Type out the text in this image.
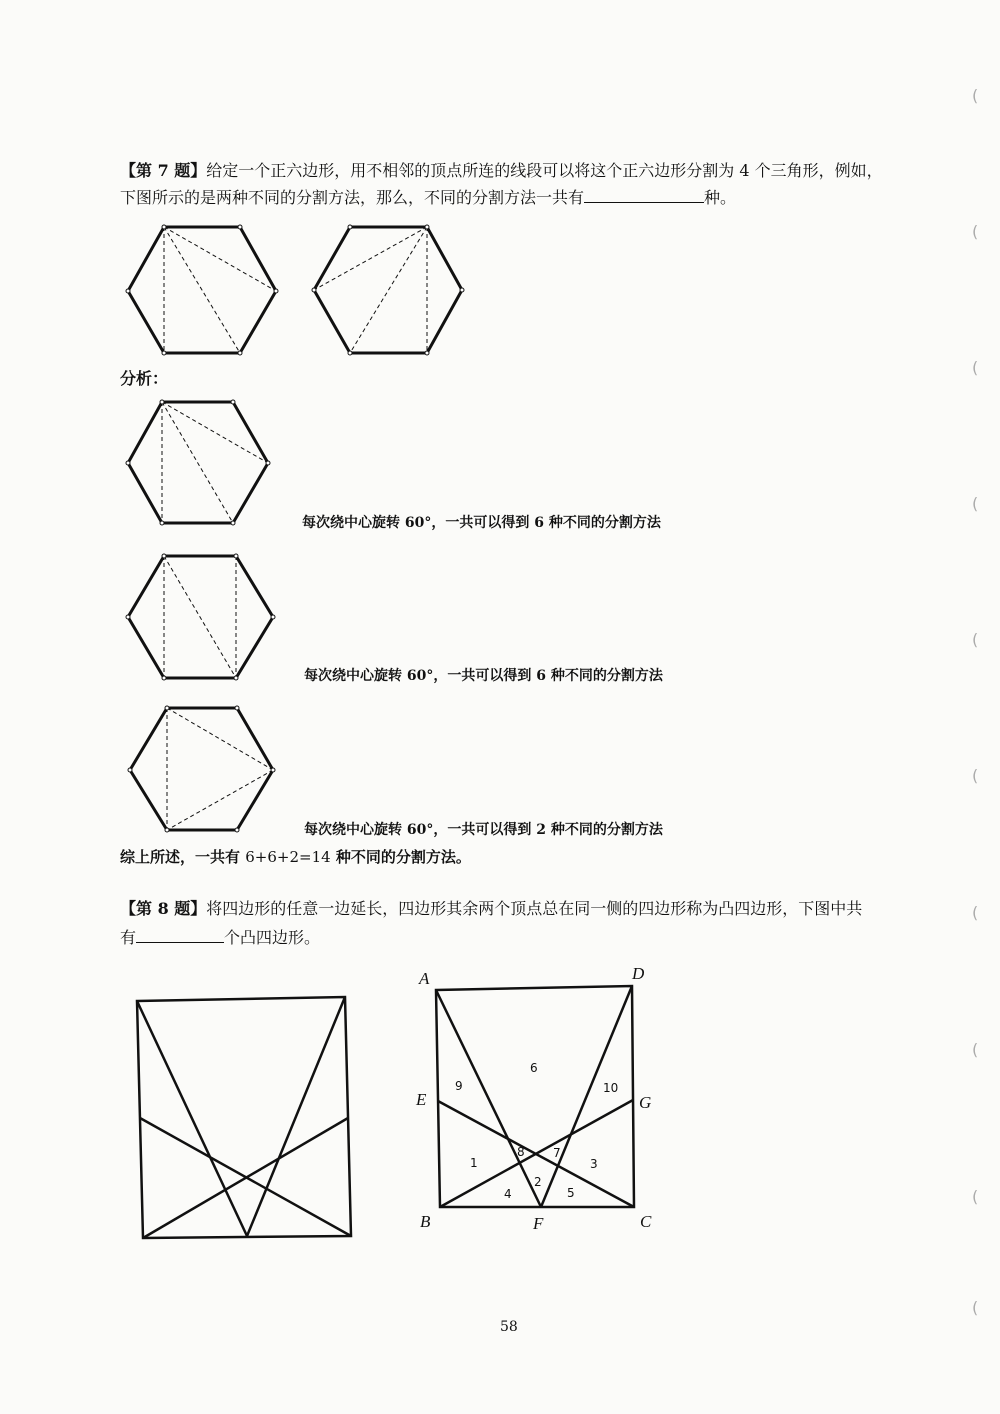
(
(
(
(
(
(
(
(
(
(
【第 7 题】给定一个正六边形，用不相邻的顶点所连的线段可以将这个正六边形分割为 4 个三角形，例如，
下图所示的是两种不同的分割方法，那么，不同的分割方法一共有	种。
分析：
每次绕中心旋转 60°，一共可以得到 6 种不同的分割方法
每次绕中心旋转 60°，一共可以得到 6 种不同的分割方法
每次绕中心旋转 60°，一共可以得到 2 种不同的分割方法
综上所述，一共有 6+6+2=14 种不同的分割方法。
【第 8 题】将四边形的任意一边延长，四边形其余两个顶点总在同一侧的四边形称为凸四边形，下图中共
有	个凸四边形。
A	D
E	G
B	F	C
1
2
3
4	5
6
7
8
9	10
58
